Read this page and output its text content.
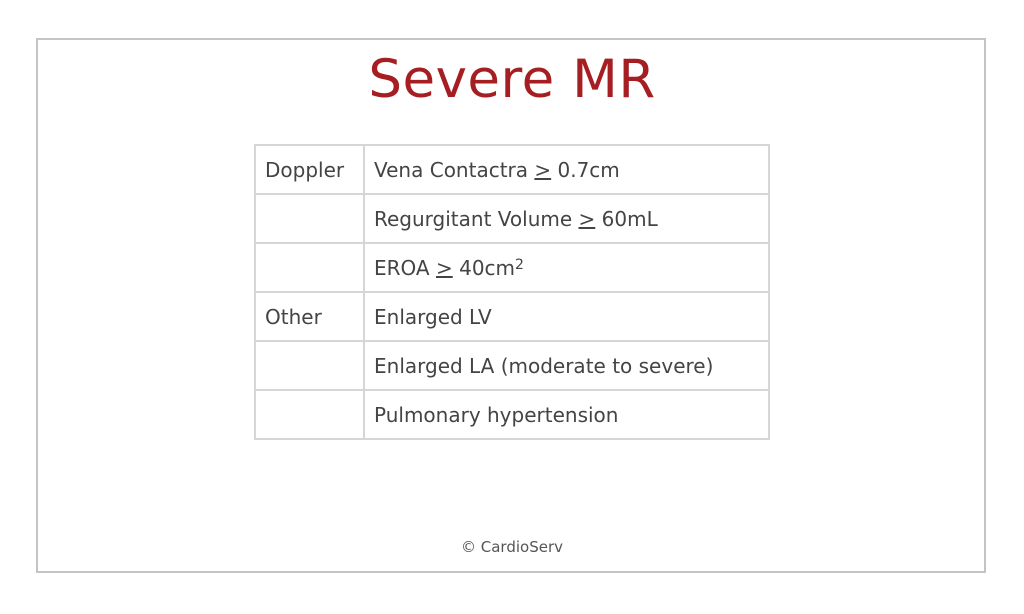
Severe MR
Doppler	Vena Contactra ≥ 0.7cm
	Regurgitant Volume ≥ 60mL
	EROA ≥ $40cm^2$
Other	Enlarged LV
	Enlarged LA (moderate to severe)
	Pulmonary hypertension
© CardioServ
